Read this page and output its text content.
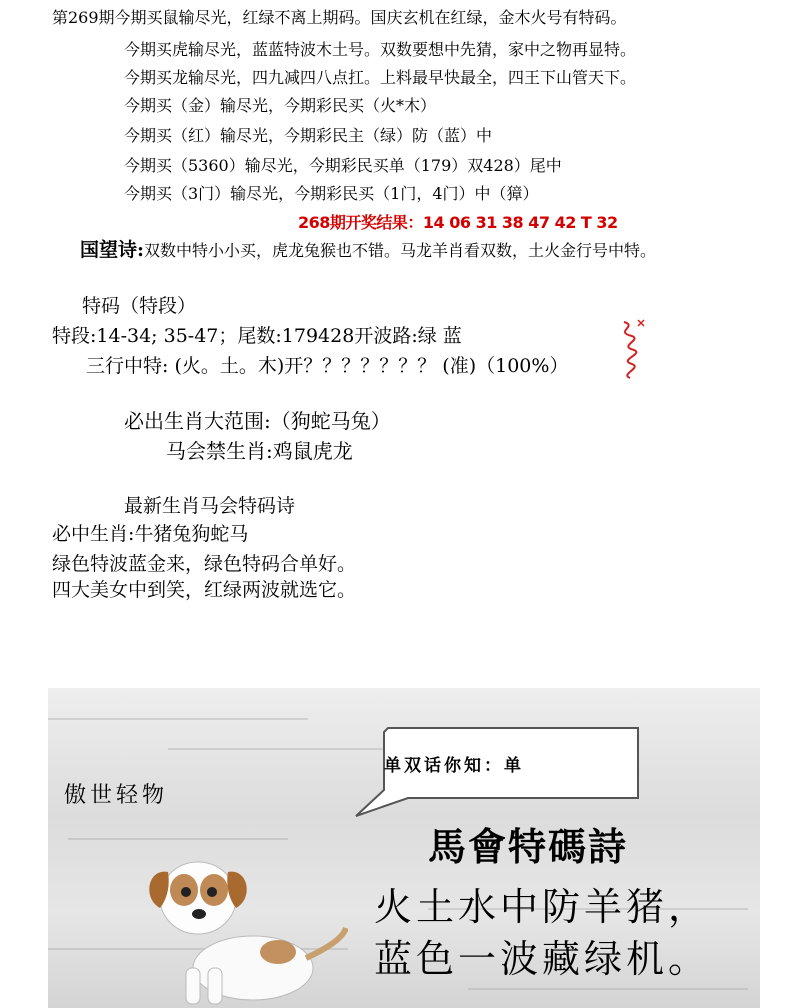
第269期今期买鼠输尽光，红绿不离上期码。国庆玄机在红绿，金木火号有特码。
今期买虎输尽光，蓝蓝特波木土号。双数要想中先猜，家中之物再显特。
今期买龙输尽光，四九减四八点扛。上料最早快最全，四王下山管天下。
今期买（金）输尽光，今期彩民买（火*木）
今期买（红）输尽光，今期彩民主（绿）防（蓝）中
今期买（5360）输尽光，今期彩民买单（179）双428）尾中
今期买（3门）输尽光，今期彩民买（1门，4门）中（獐）
268期开奖结果：14 06 31 38 47 42 T 32
国望诗:双数中特小小买，虎龙兔猴也不错。马龙羊肖看双数，土火金行号中特。
特码（特段）
特段:14-34; 35-47；尾数:179428开波路:绿 蓝
三行中特: (火。土。木)开？？？？？？？ (准)（100%）
必出生肖大范围:（狗蛇马兔）
马会禁生肖:鸡鼠虎龙
最新生肖马会特码诗
必中生肖:牛猪兔狗蛇马
绿色特波蓝金来，绿色特码合单好。
四大美女中到笑，红绿两波就选它。
单双话你知：单
傲世轻物
馬會特碼詩
火土水中防羊猪，
蓝色一波藏绿机。
